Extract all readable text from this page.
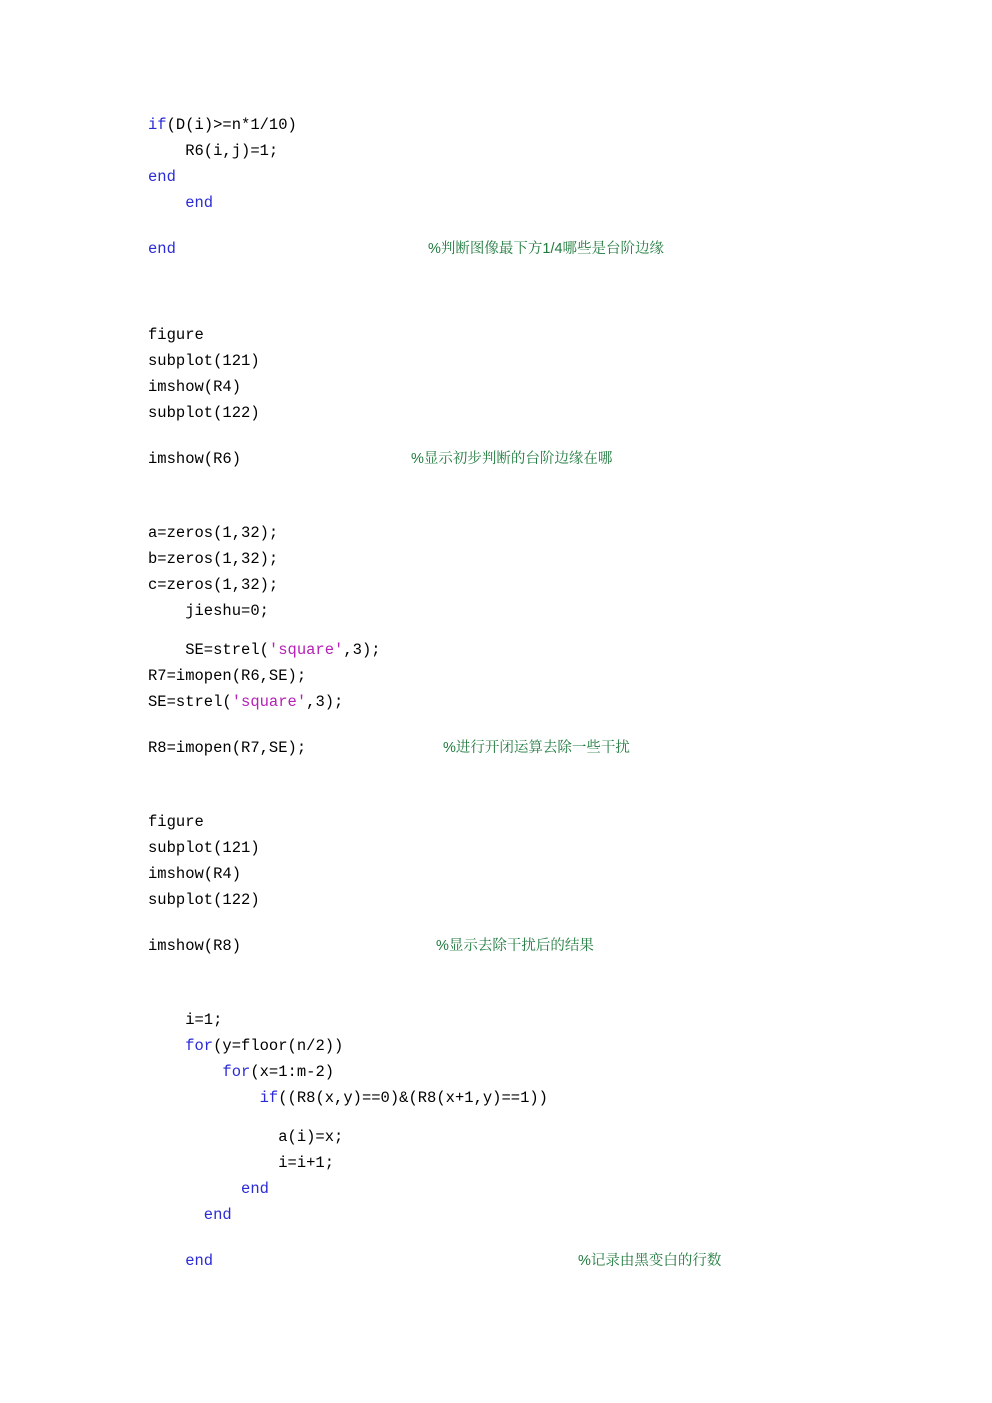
if(D(i)>=n*1/10)
R6(i,j)=1;
end
end
end	%判断图像最下方1/4哪些是台阶边缘
figure
subplot(121)
imshow(R4)
subplot(122)
imshow(R6)	%显示初步判断的台阶边缘在哪
a=zeros(1,32);
b=zeros(1,32);
c=zeros(1,32);
jieshu=0;
SE=strel('square',3);
R7=imopen(R6,SE);
SE=strel('square',3);
R8=imopen(R7,SE);	%进行开闭运算去除一些干扰
figure
subplot(121)
imshow(R4)
subplot(122)
imshow(R8)	%显示去除干扰后的结果
i=1;
for(y=floor(n/2))
for(x=1:m-2)
if((R8(x,y)==0)&(R8(x+1,y)==1))
a(i)=x;
i=i+1;
end
end
end	%记录由黑变白的行数
